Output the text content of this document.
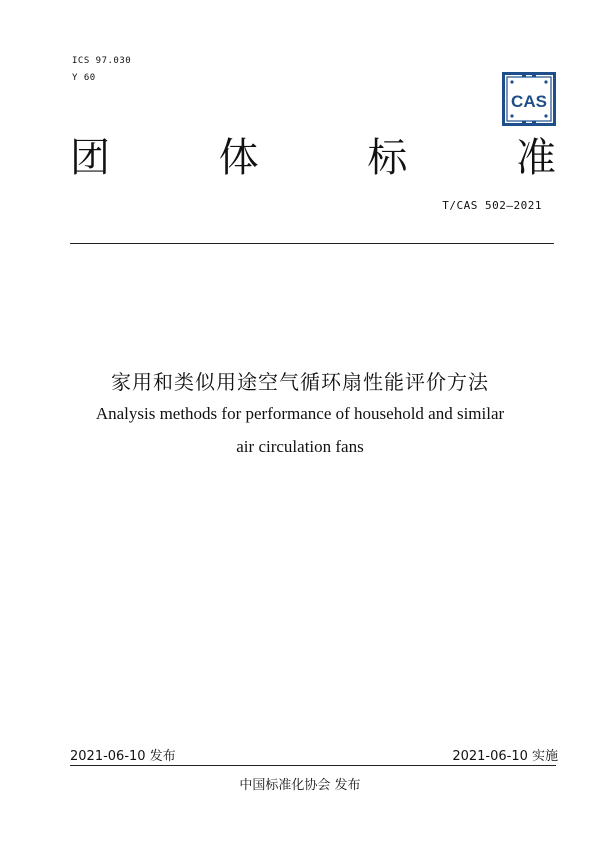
ICS 97.030
Y 60
CAS
团	体	标	准
T/CAS 502—2021
家用和类似用途空气循环扇性能评价方法
Analysis methods for performance of household and similar
air circulation fans
2021-06-10 发布	2021-06-10 实施
中国标准化协会 发布
